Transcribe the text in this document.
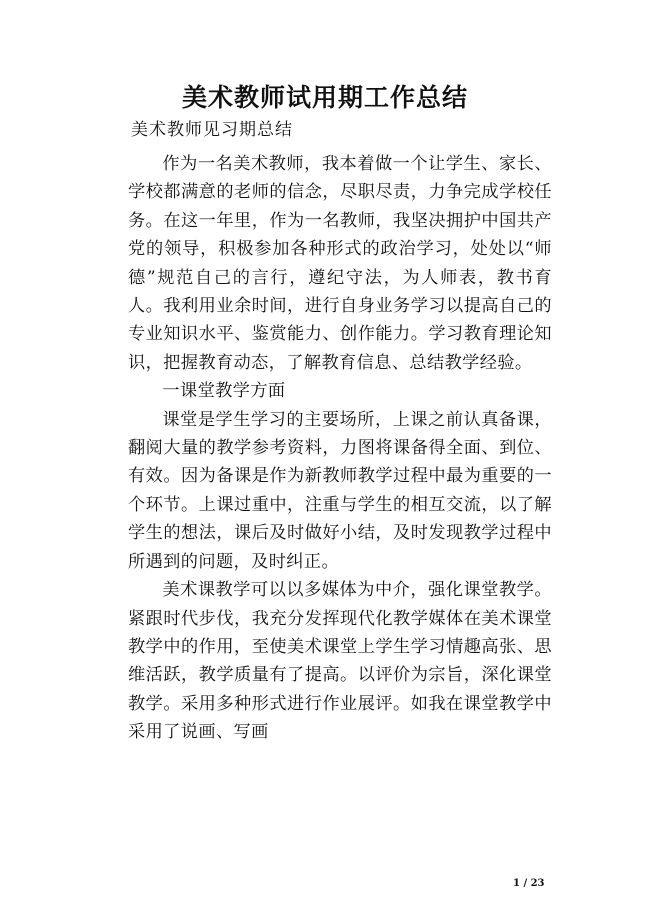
美术教师试用期工作总结
美术教师见习期总结

作为一名美术教师，我本着做一个让学生、家长、学校都满意的老师的信念，尽职尽责，力争完成学校任务。在这一年里，作为一名教师，我坚决拥护中国共产党的领导，积极参加各种形式的政治学习，处处以“师德”规范自己的言行，遵纪守法，为人师表，教书育人。我利用业余时间，进行自身业务学习以提高自己的专业知识水平、鉴赏能力、创作能力。学习教育理论知识，把握教育动态，了解教育信息、总结教学经验。

一课堂教学方面

课堂是学生学习的主要场所，上课之前认真备课，翻阅大量的教学参考资料，力图将课备得全面、到位、有效。因为备课是作为新教师教学过程中最为重要的一个环节。上课过重中，注重与学生的相互交流，以了解学生的想法，课后及时做好小结，及时发现教学过程中所遇到的问题，及时纠正。

美术课教学可以以多媒体为中介，强化课堂教学。紧跟时代步伐，我充分发挥现代化教学媒体在美术课堂教学中的作用，至使美术课堂上学生学习情趣高张、思维活跃，教学质量有了提高。以评价为宗旨，深化课堂教学。采用多种形式进行作业展评。如我在课堂教学中采用了说画、写画

1 / 23
